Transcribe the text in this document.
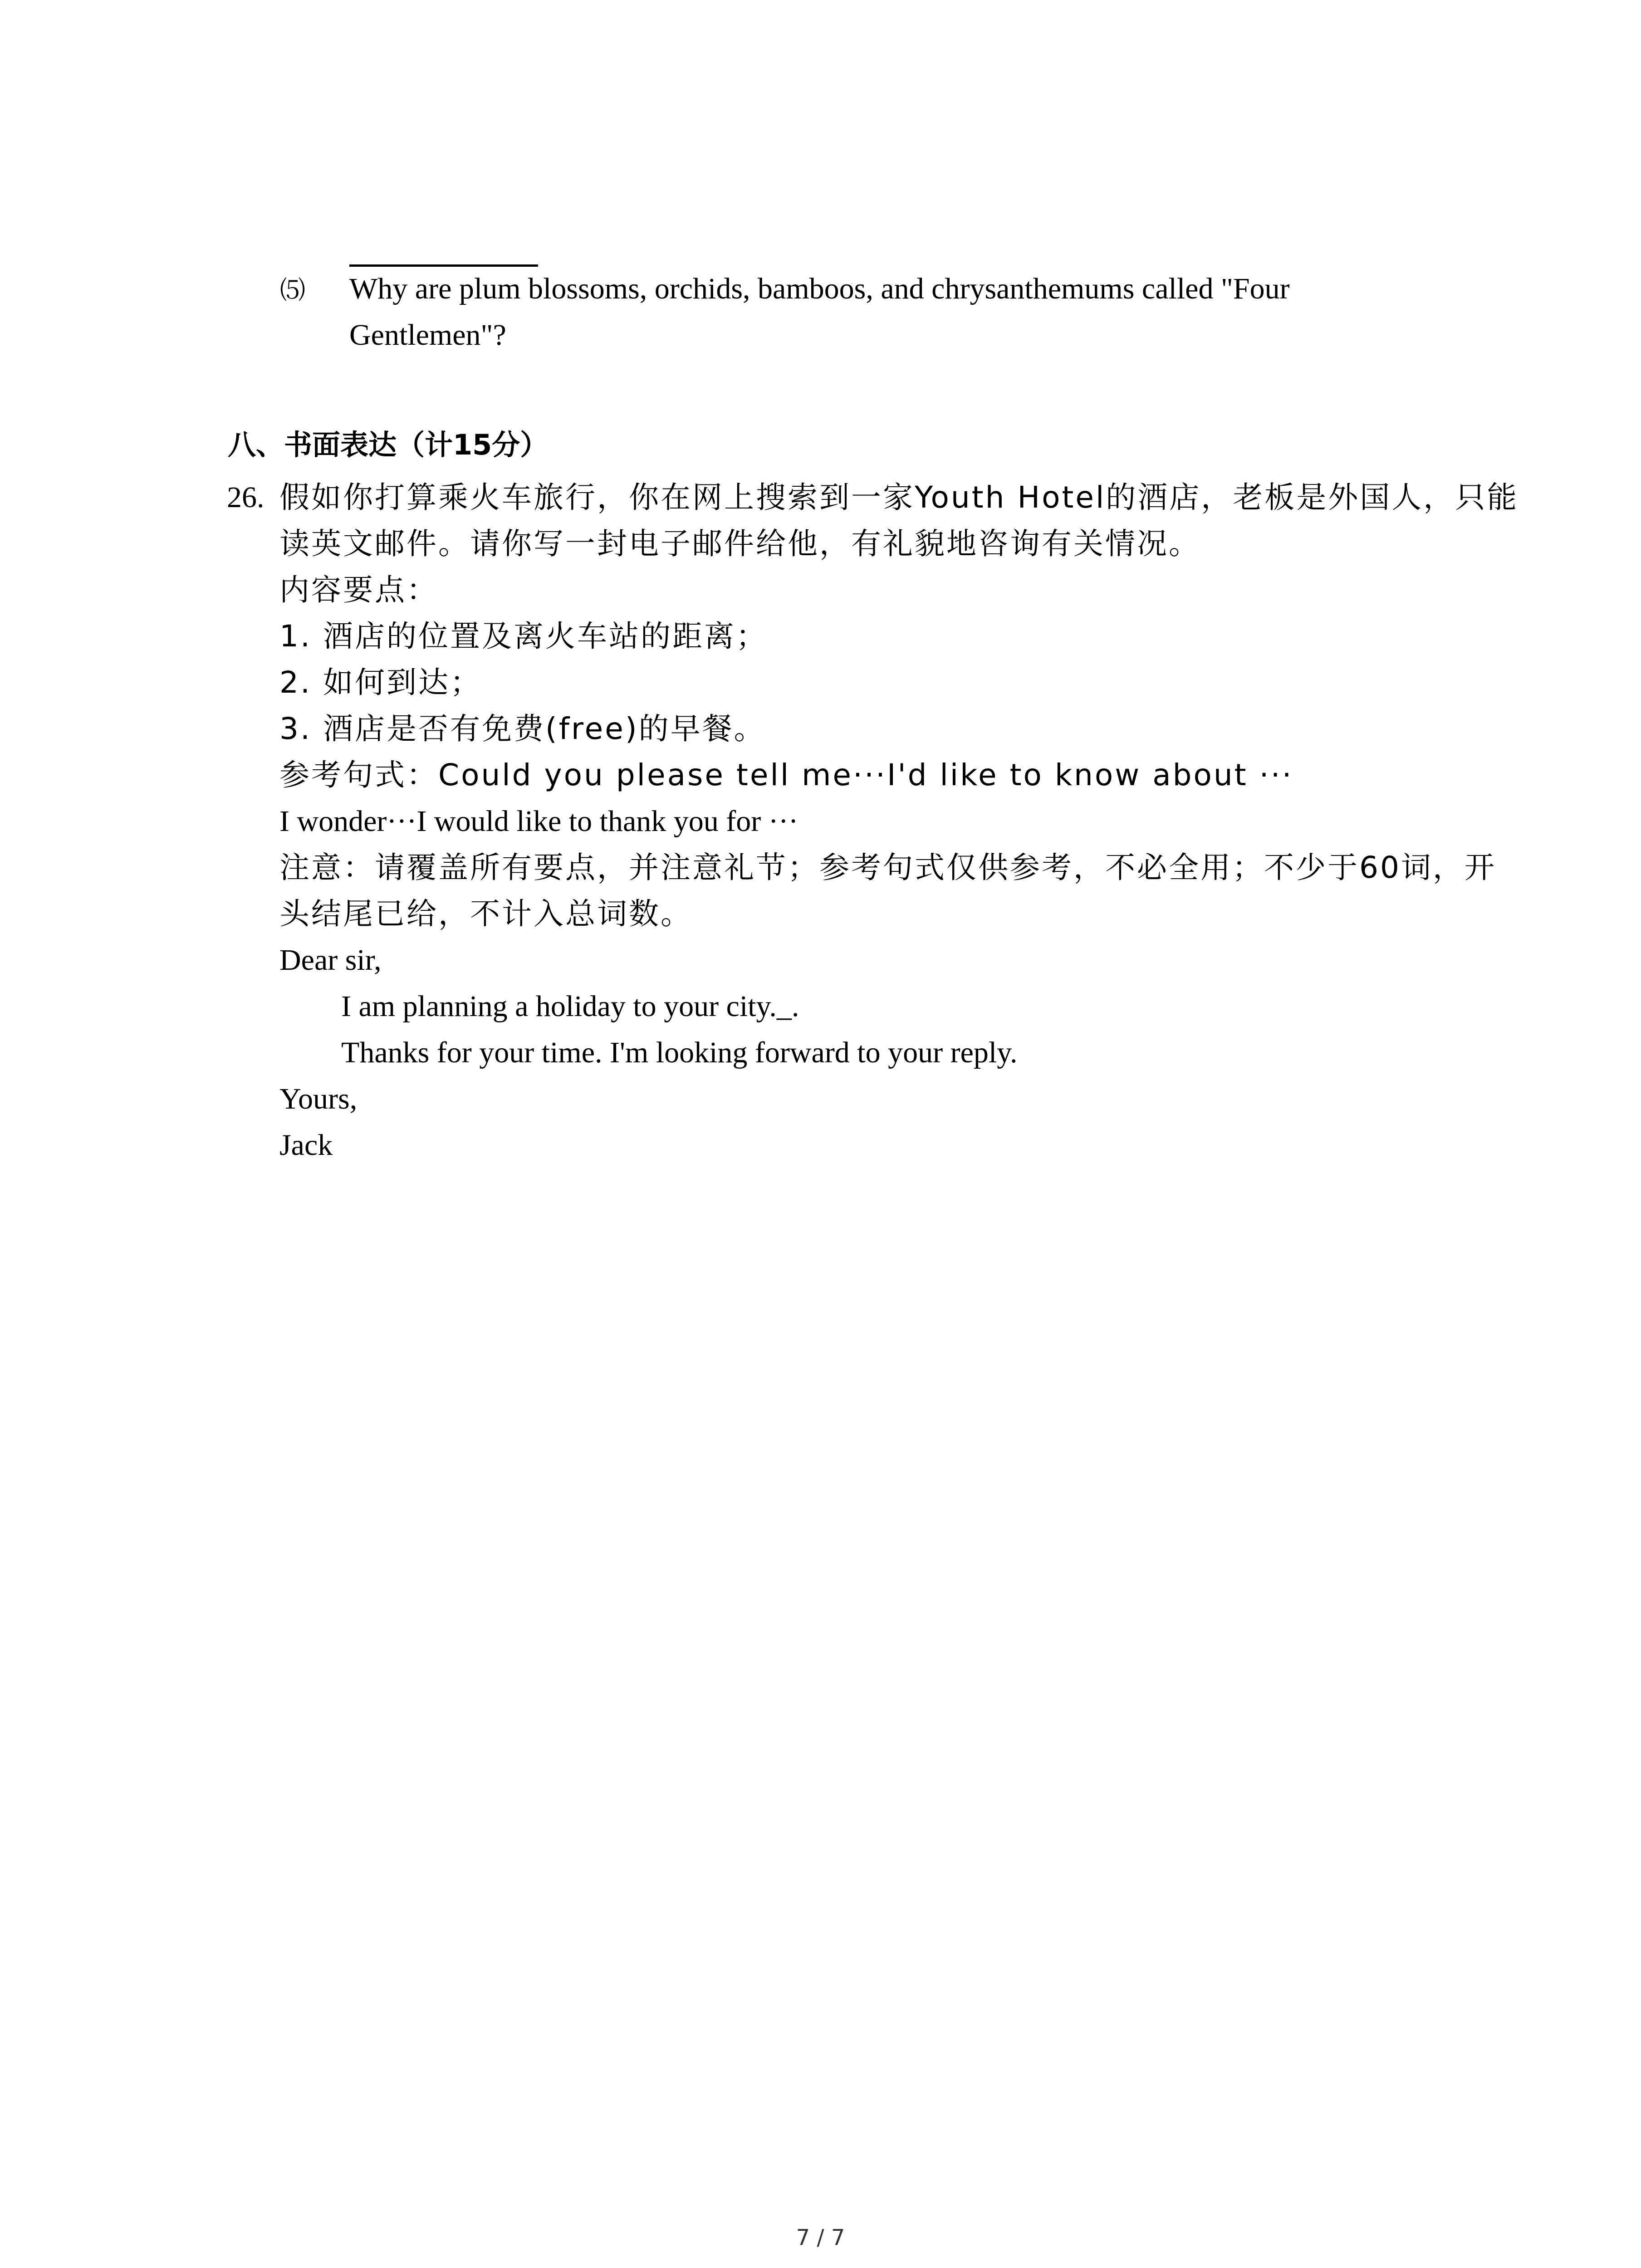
⑸ Why are plum blossoms, orchids, bamboos, and chrysanthemums called "Four Gentlemen"?
八、书面表达（计15分）
26. 假如你打算乘火车旅行，你在网上搜索到一家Youth Hotel的酒店，老板是外国人，只能
读英文邮件。请你写一封电子邮件给他，有礼貌地咨询有关情况。
内容要点：
1. 酒店的位置及离火车站的距离；
2. 如何到达；
3. 酒店是否有免费(free)的早餐。
参考句式：Could you please tell me···I'd like to know about ···
I wonder···I would like to thank you for ···
注意：请覆盖所有要点，并注意礼节；参考句式仅供参考，不必全用；不少于60词，开
头结尾已给，不计入总词数。
Dear sir,
I am planning a holiday to your city._.
Thanks for your time. I'm looking forward to your reply.
Yours,
Jack
7 / 7
